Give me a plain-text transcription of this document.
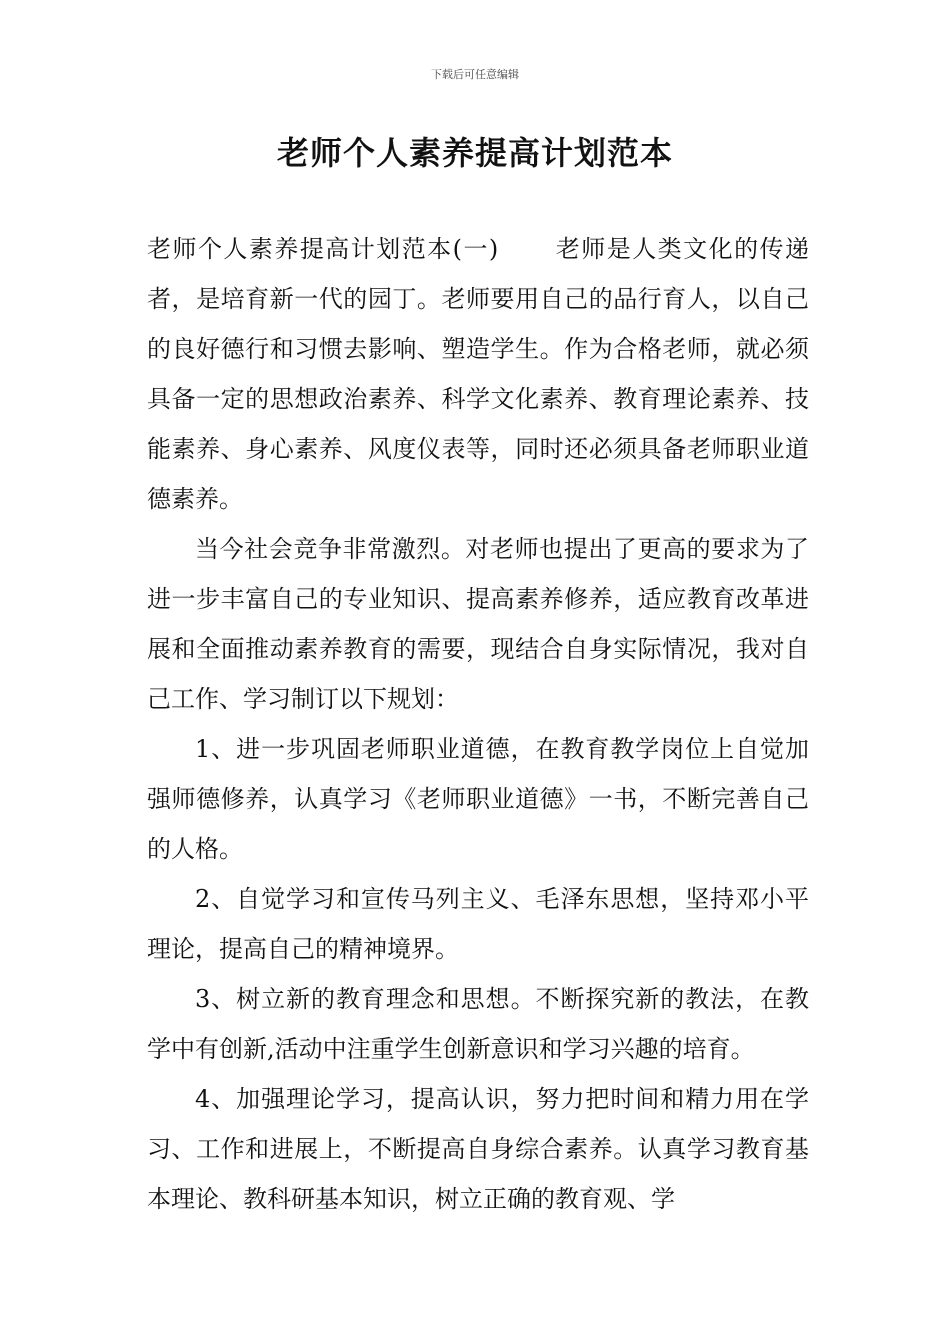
下载后可任意编辑
老师个人素养提高计划范本

老师个人素养提高计划范本(一) 老师是人类文化的传递者，是培育新一代的园丁。老师要用自己的品行育人，以自己的良好德行和习惯去影响、塑造学生。作为合格老师，就必须具备一定的思想政治素养、科学文化素养、教育理论素养、技能素养、身心素养、风度仪表等，同时还必须具备老师职业道德素养。

当今社会竞争非常激烈。对老师也提出了更高的要求为了进一步丰富自己的专业知识、提高素养修养，适应教育改革进展和全面推动素养教育的需要，现结合自身实际情况，我对自己工作、学习制订以下规划：

1、进一步巩固老师职业道德，在教育教学岗位上自觉加强师德修养，认真学习《老师职业道德》一书，不断完善自己的人格。

2、自觉学习和宣传马列主义、毛泽东思想，坚持邓小平理论，提高自己的精神境界。

3、树立新的教育理念和思想。不断探究新的教法，在教学中有创新,活动中注重学生创新意识和学习兴趣的培育。

4、加强理论学习，提高认识，努力把时间和精力用在学习、工作和进展上，不断提高自身综合素养。认真学习教育基本理论、教科研基本知识，树立正确的教育观、学
